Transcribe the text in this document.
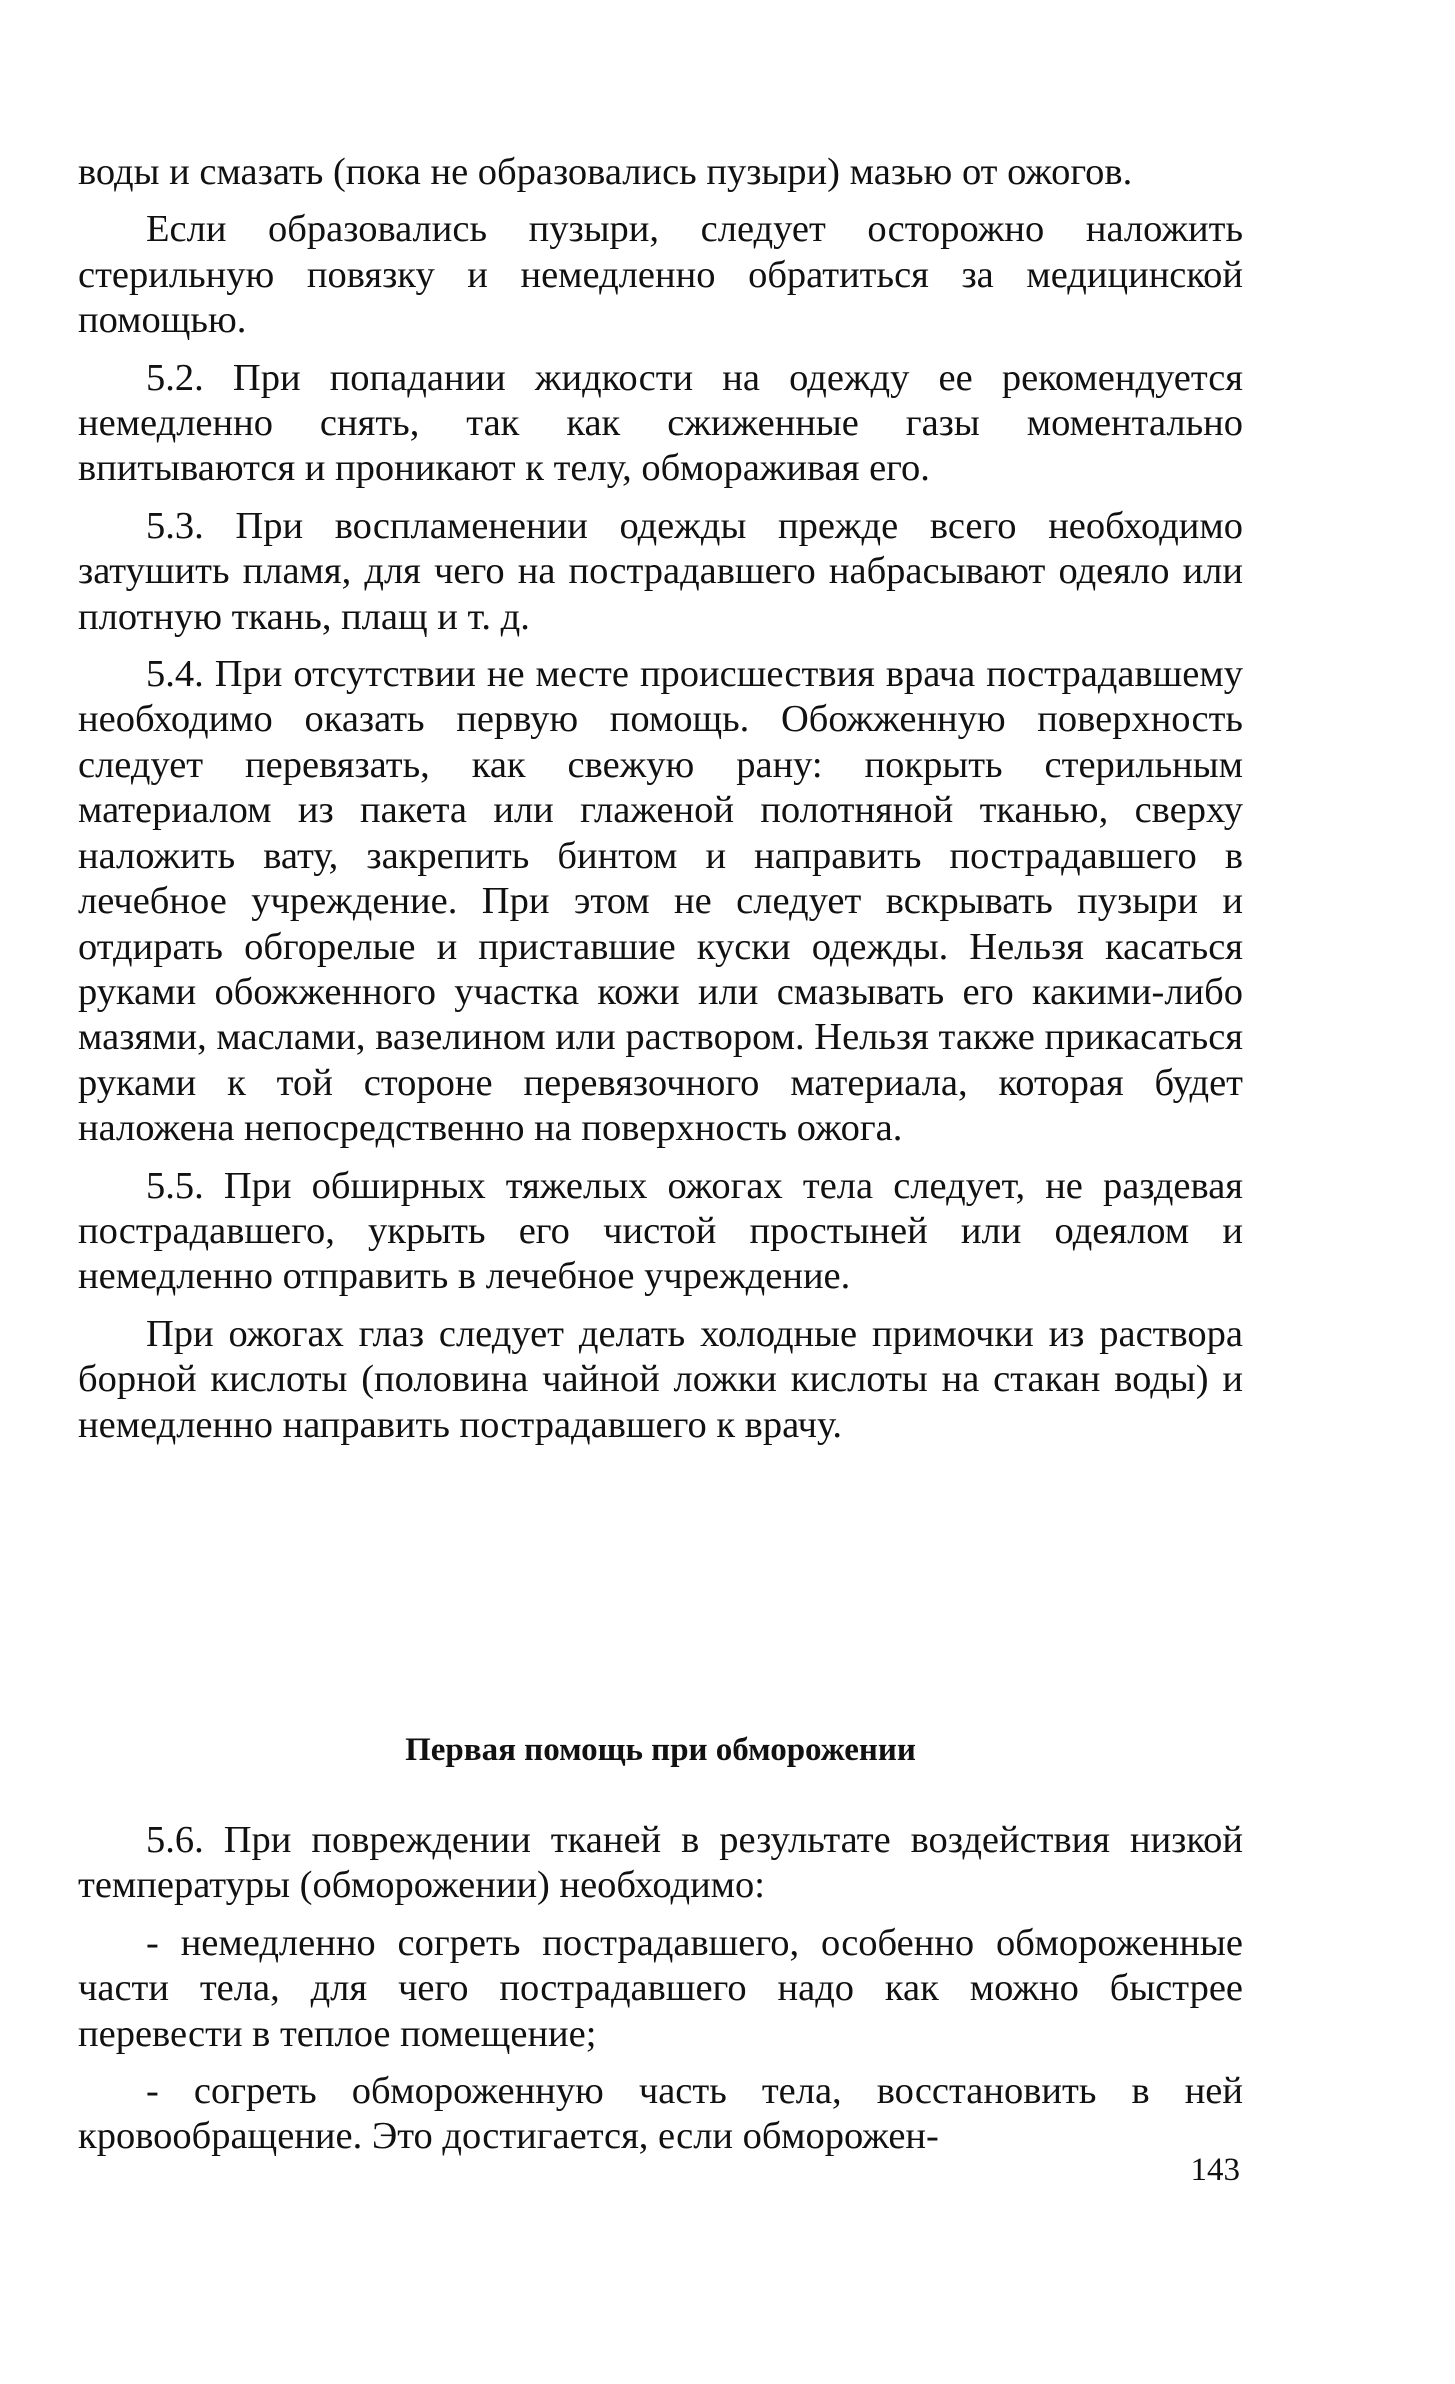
воды и смазать (пока не образовались пузыри) мазью от ожогов.

Если образовались пузыри, следует осторожно наложить стерильную повязку и немедленно обратиться за медицинской помощью.

5.2. При попадании жидкости на одежду ее рекомендуется немедленно снять, так как сжиженные газы моментально впитываются и проникают к телу, обмораживая его.

5.3. При воспламенении одежды прежде всего необходимо затушить пламя, для чего на пострадавшего набрасывают одеяло или плотную ткань, плащ и т. д.

5.4. При отсутствии не месте происшествия врача пострадавшему необходимо оказать первую помощь. Обожженную поверхность следует перевязать, как свежую рану: покрыть стерильным материалом из пакета или глаженой полотняной тканью, сверху наложить вату, закрепить бинтом и направить пострадавшего в лечебное учреждение. При этом не следует вскрывать пузыри и отдирать обгорелые и приставшие куски одежды. Нельзя касаться руками обожженного участка кожи или смазывать его какими-либо мазями, маслами, вазелином или раствором. Нельзя также прикасаться руками к той стороне перевязочного материала, которая будет наложена непосредственно на поверхность ожога.

5.5. При обширных тяжелых ожогах тела следует, не раздевая пострадавшего, укрыть его чистой простыней или одеялом и немедленно отправить в лечебное учреждение.

При ожогах глаз следует делать холодные примочки из раствора борной кислоты (половина чайной ложки кислоты на стакан воды) и немедленно направить пострадавшего к врачу.

Первая помощь при обморожении

5.6. При повреждении тканей в результате воздействия низкой температуры (обморожении) необходимо:

- немедленно согреть пострадавшего, особенно обмороженные части тела, для чего пострадавшего надо как можно быстрее перевести в теплое помещение;

- согреть обмороженную часть тела, восстановить в ней кровообращение. Это достигается, если обморожен-

143
